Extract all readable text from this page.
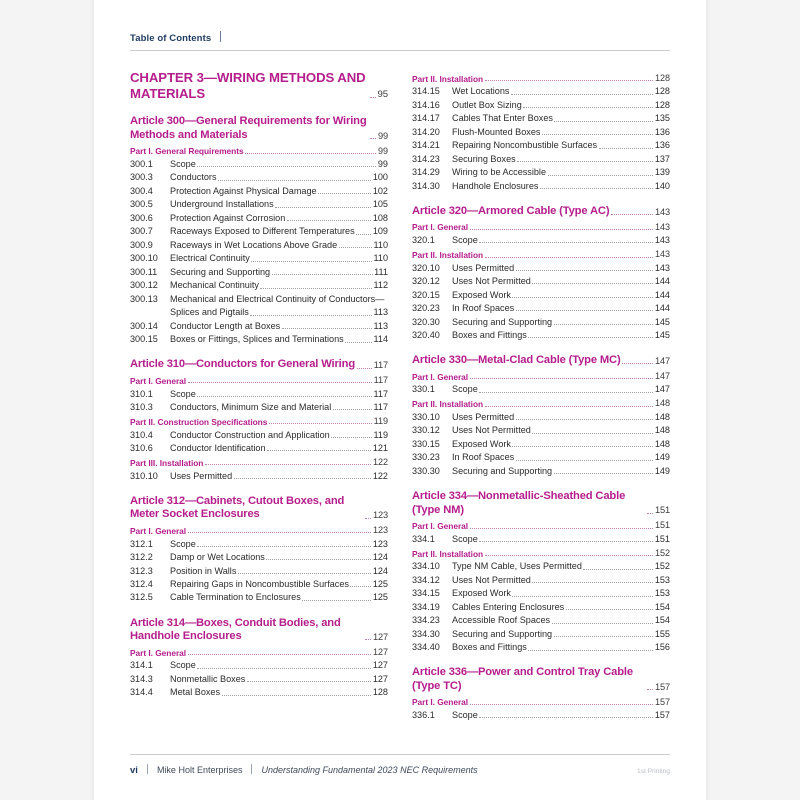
Table of Contents
CHAPTER 3—WIRING METHODS AND MATERIALS	95
Article 300—General Requirements for Wiring Methods and Materials	99
Part I. General Requirements	99
300.1	Scope	99
300.3	Conductors	100
300.4	Protection Against Physical Damage	102
300.5	Underground Installations	105
300.6	Protection Against Corrosion	108
300.7	Raceways Exposed to Different Temperatures 109
300.9	Raceways in Wet Locations Above Grade	110
300.10	Electrical Continuity	110
300.11	Securing and Supporting	111
300.12	Mechanical Continuity	112
300.13	Mechanical and Electrical Continuity of Conductors—
Splices and Pigtails	113
300.14	Conductor Length at Boxes	113
300.15	Boxes or Fittings, Splices and Terminations	114
Article 310—Conductors for General Wiring 117
Part I. General	117
310.1	Scope	117
310.3	Conductors, Minimum Size and Material	117
Part II. Construction Specifications	119
310.4	Conductor Construction and Application	119
310.6	Conductor Identification	121
Part III. Installation	122
310.10	Uses Permitted	122
Article 312—Cabinets, Cutout Boxes, and Meter Socket Enclosures	123
Part I. General	123
312.1	Scope	123
312.2	Damp or Wet Locations	124
312.3	Position in Walls	124
312.4	Repairing Gaps in Noncombustible Surfaces	125
312.5	Cable Termination to Enclosures	125
Article 314—Boxes, Conduit Bodies, and Handhole Enclosures	127
Part I. General	127
314.1	Scope	127
314.3	Nonmetallic Boxes	127
314.4	Metal Boxes	128
Part II. Installation	128
314.15	Wet Locations	128
314.16	Outlet Box Sizing	128
314.17	Cables That Enter Boxes	135
314.20	Flush-Mounted Boxes	136
314.21	Repairing Noncombustible Surfaces	136
314.23	Securing Boxes	137
314.29	Wiring to be Accessible	139
314.30	Handhole Enclosures	140
Article 320—Armored Cable (Type AC)	143
Part I. General	143
320.1	Scope	143
Part II. Installation	143
320.10	Uses Permitted	143
320.12	Uses Not Permitted	144
320.15	Exposed Work	144
320.23	In Roof Spaces	144
320.30	Securing and Supporting	145
320.40	Boxes and Fittings	145
Article 330—Metal-Clad Cable (Type MC)	147
Part I. General	147
330.1	Scope	147
Part II. Installation	148
330.10	Uses Permitted	148
330.12	Uses Not Permitted	148
330.15	Exposed Work	148
330.23	In Roof Spaces	149
330.30	Securing and Supporting	149
Article 334—Nonmetallic-Sheathed Cable (Type NM)	151
Part I. General	151
334.1	Scope	151
Part II. Installation	152
334.10	Type NM Cable, Uses Permitted	152
334.12	Uses Not Permitted	153
334.15	Exposed Work	153
334.19	Cables Entering Enclosures	154
334.23	Accessible Roof Spaces	154
334.30	Securing and Supporting	155
334.40	Boxes and Fittings	156
Article 336—Power and Control Tray Cable (Type TC)	157
Part I. General	157
336.1	Scope	157
vi Mike Holt Enterprises Understanding Fundamental 2023 NEC Requirements	1st Printing
